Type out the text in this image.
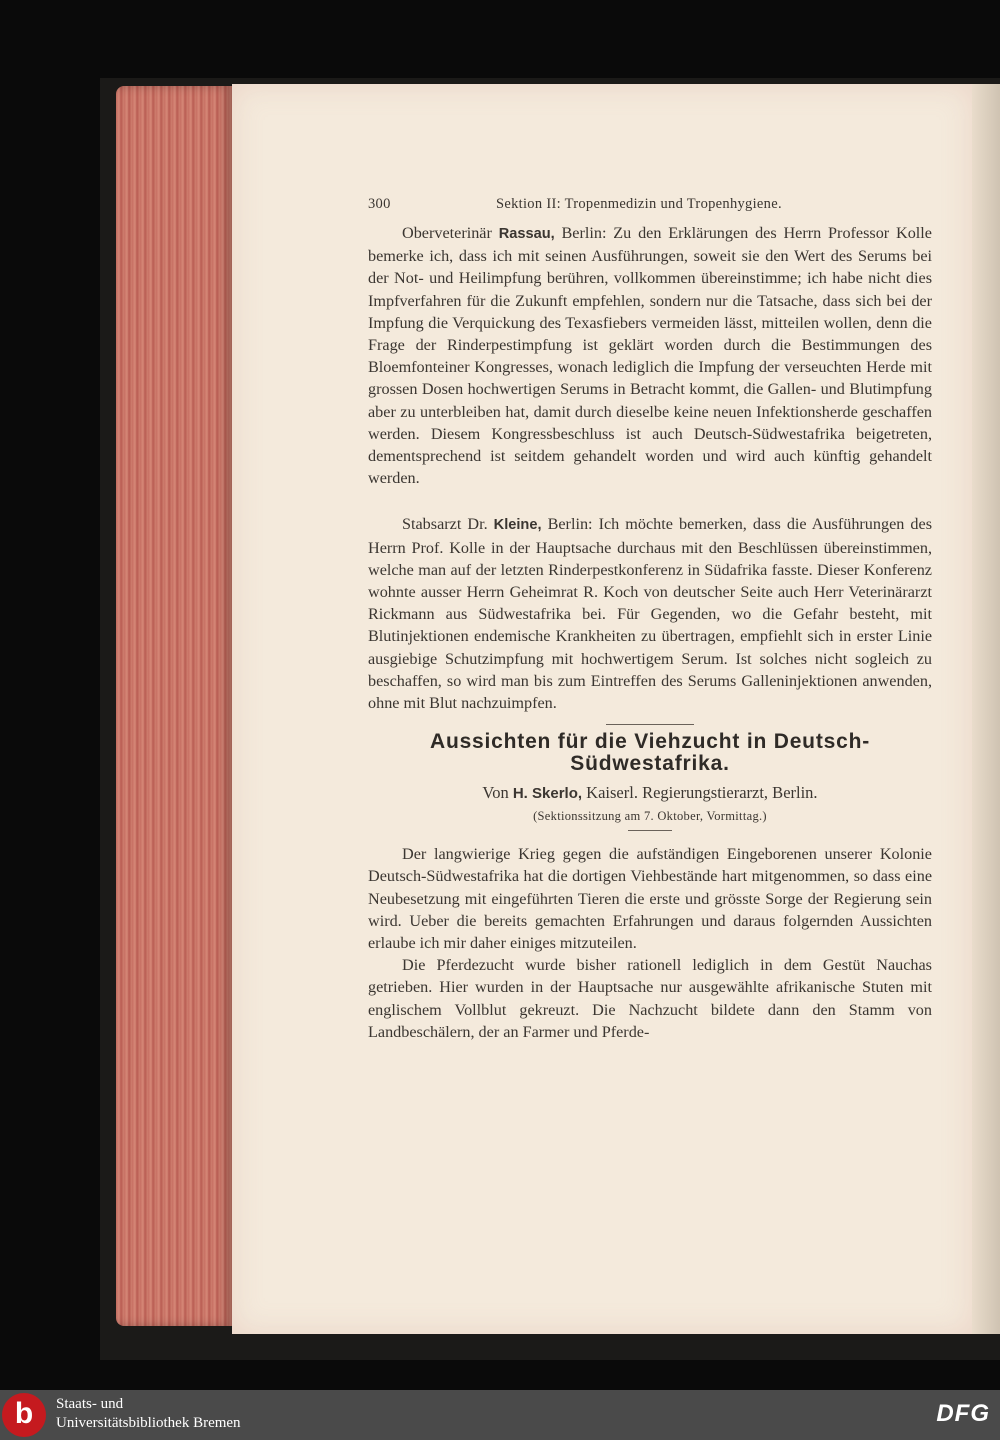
300	Sektion II: Tropenmedizin und Tropenhygiene.

Oberveterinär Rassau, Berlin: Zu den Erklärungen des Herrn Professor Kolle bemerke ich, dass ich mit seinen Ausführungen, soweit sie den Wert des Serums bei der Not- und Heilimpfung berühren, vollkommen übereinstimme; ich habe nicht dies Impfverfahren für die Zukunft empfehlen, sondern nur die Tatsache, dass sich bei der Impfung die Verquickung des Texasfiebers vermeiden lässt, mitteilen wollen, denn die Frage der Rinderpestimpfung ist geklärt worden durch die Bestimmungen des Bloemfonteiner Kongresses, wonach lediglich die Impfung der verseuchten Herde mit grossen Dosen hochwertigen Serums in Betracht kommt, die Gallen- und Blutimpfung aber zu unterbleiben hat, damit durch dieselbe keine neuen Infektionsherde geschaffen werden. Diesem Kongressbeschluss ist auch Deutsch-Südwestafrika beigetreten, dementsprechend ist seitdem gehandelt worden und wird auch künftig gehandelt werden.

Stabsarzt Dr. Kleine, Berlin: Ich möchte bemerken, dass die Ausführungen des Herrn Prof. Kolle in der Hauptsache durchaus mit den Beschlüssen übereinstimmen, welche man auf der letzten Rinderpestkonferenz in Südafrika fasste. Dieser Konferenz wohnte ausser Herrn Geheimrat R. Koch von deutscher Seite auch Herr Veterinärarzt Rickmann aus Südwestafrika bei. Für Gegenden, wo die Gefahr besteht, mit Blutinjektionen endemische Krankheiten zu übertragen, empfiehlt sich in erster Linie ausgiebige Schutzimpfung mit hochwertigem Serum. Ist solches nicht sogleich zu beschaffen, so wird man bis zum Eintreffen des Serums Galleninjektionen anwenden, ohne mit Blut nachzuimpfen.

Aussichten für die Viehzucht in Deutsch-
Südwestafrika.
Von H. Skerlo, Kaiserl. Regierungstierarzt, Berlin.
(Sektionssitzung am 7. Oktober, Vormittag.)

Der langwierige Krieg gegen die aufständigen Eingeborenen unserer Kolonie Deutsch-Südwestafrika hat die dortigen Viehbestände hart mitgenommen, so dass eine Neubesetzung mit eingeführten Tieren die erste und grösste Sorge der Regierung sein wird. Ueber die bereits gemachten Erfahrungen und daraus folgernden Aussichten erlaube ich mir daher einiges mitzuteilen.

Die Pferdezucht wurde bisher rationell lediglich in dem Gestüt Nauchas getrieben. Hier wurden in der Hauptsache nur ausgewählte afrikanische Stuten mit englischem Vollblut gekreuzt. Die Nachzucht bildete dann den Stamm von Landbeschälern, der an Farmer und Pferde-

b	Staats- und
Universitätsbibliothek Bremen	DFG
